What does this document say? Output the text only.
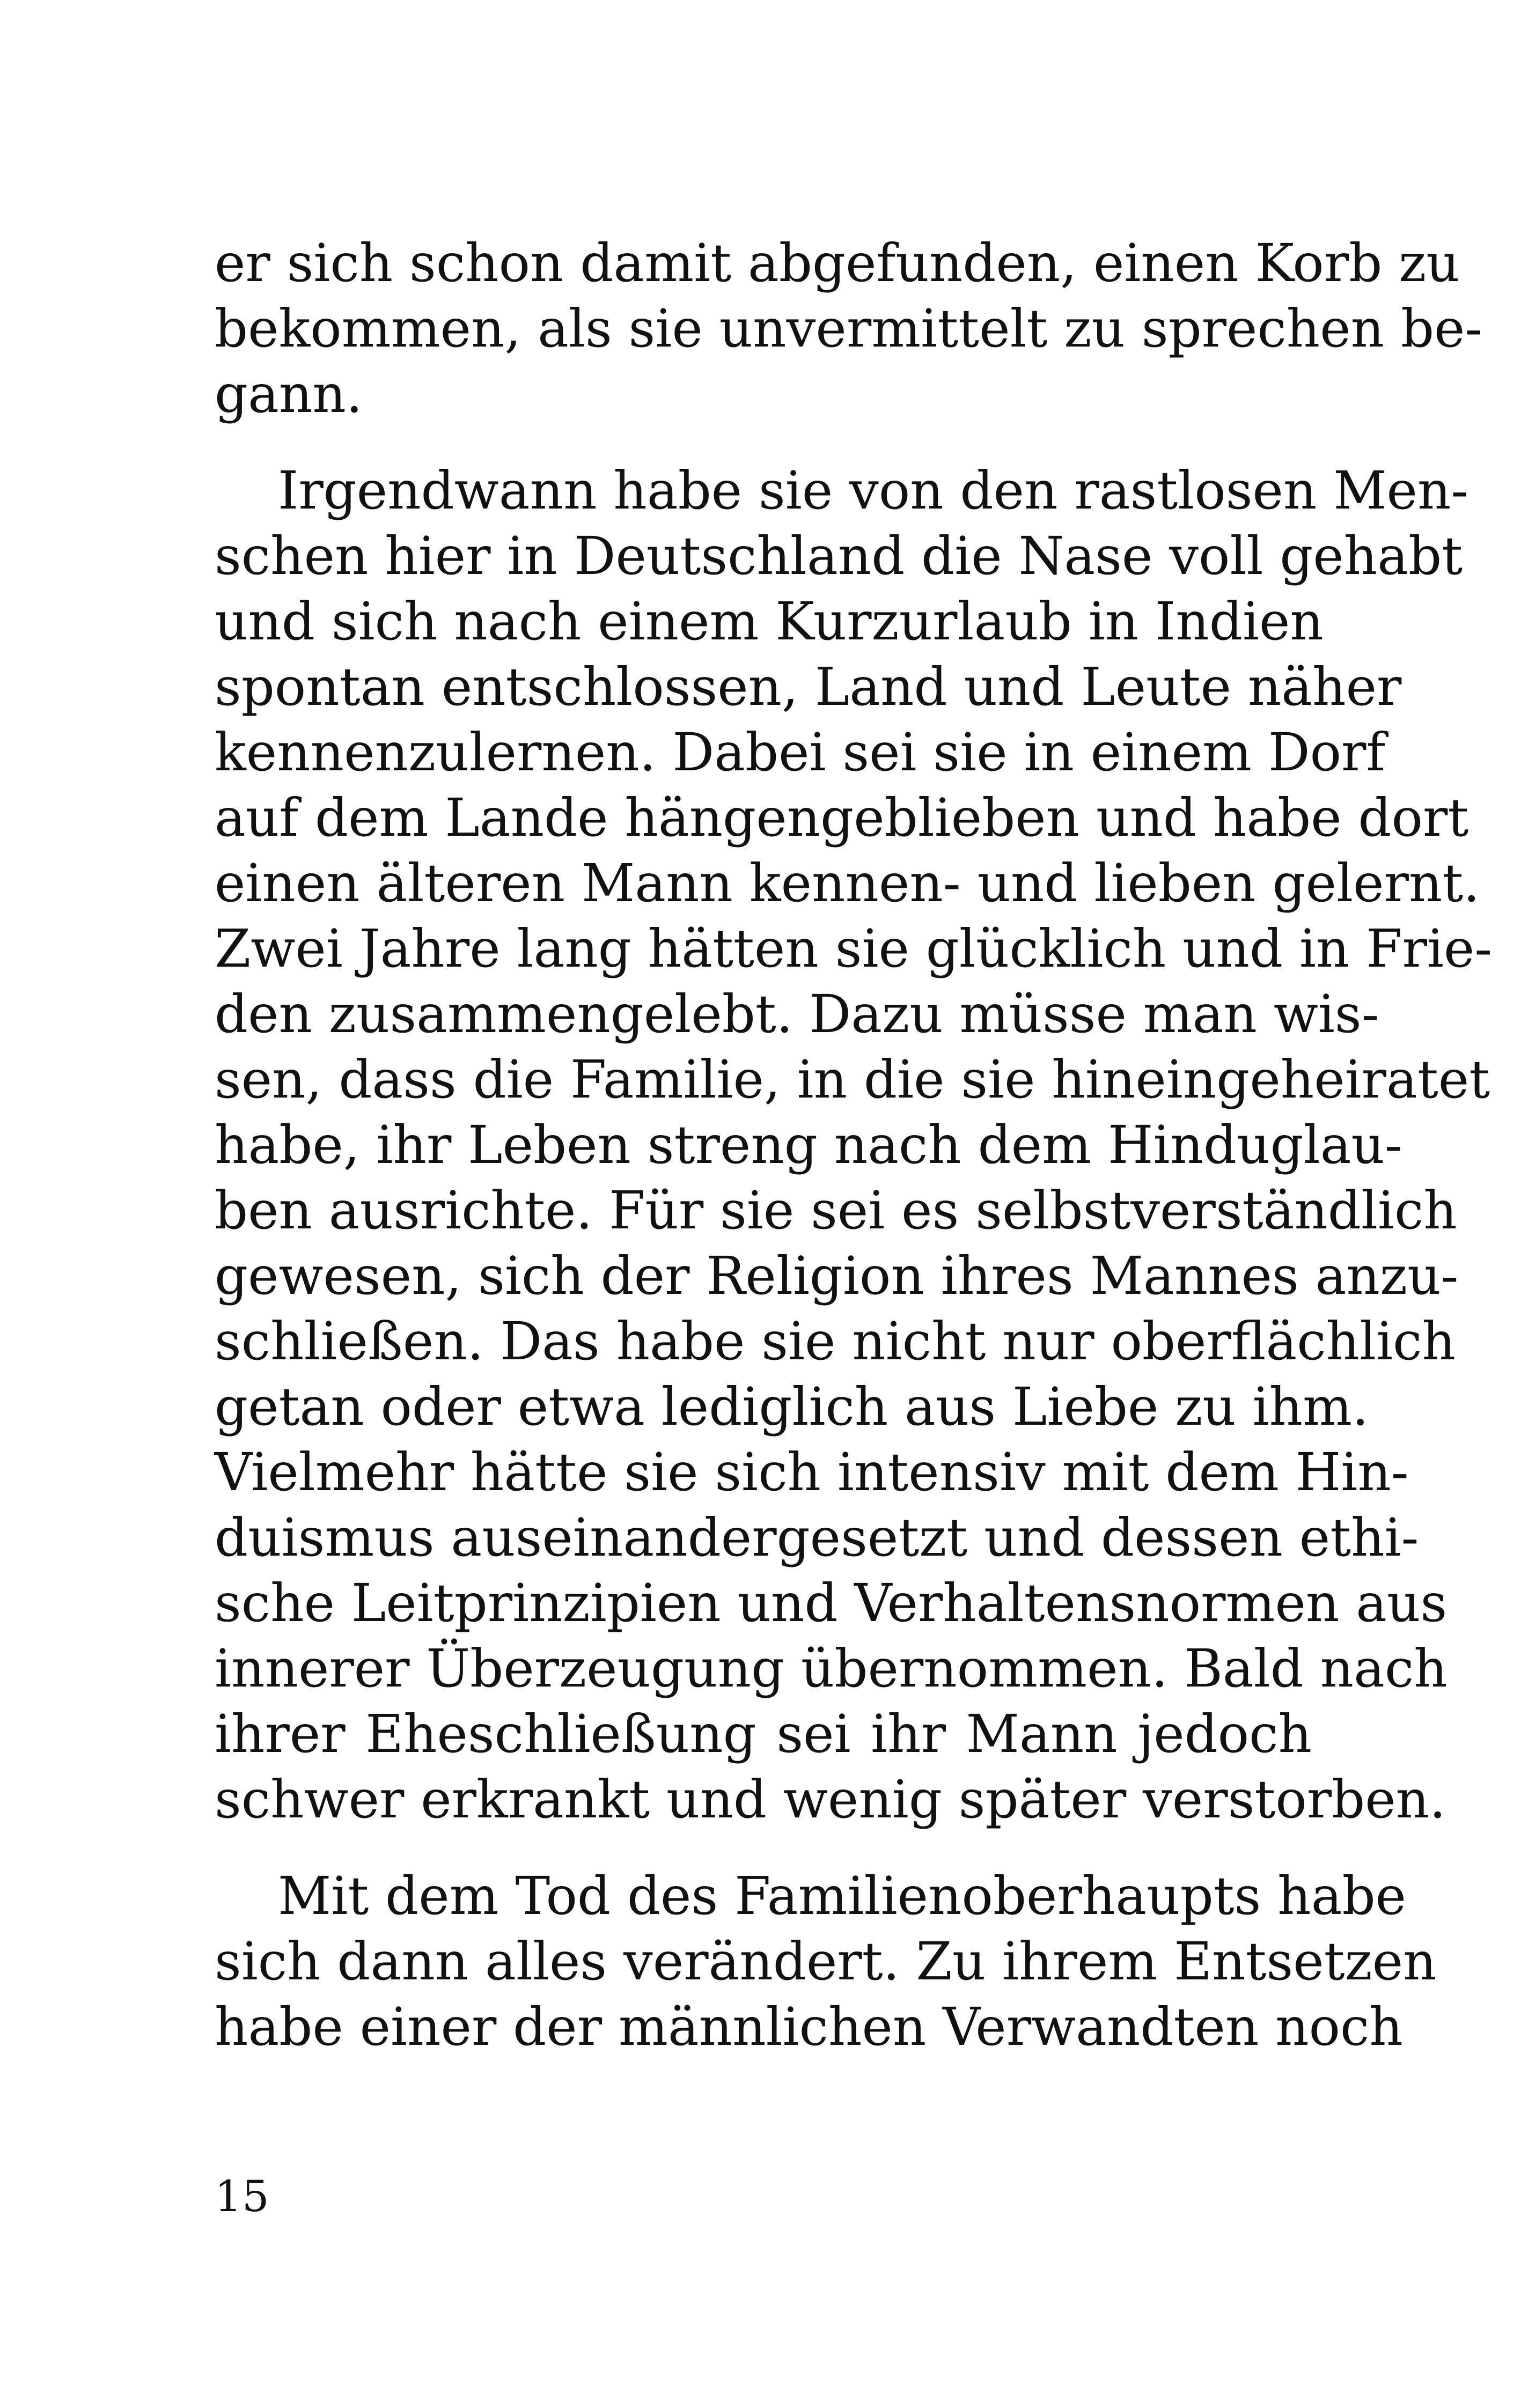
er sich schon damit abgefunden, einen Korb zu
bekommen, als sie unvermittelt zu sprechen be-
gann.
Irgendwann habe sie von den rastlosen Men-
schen hier in Deutschland die Nase voll gehabt
und sich nach einem Kurzurlaub in Indien
spontan entschlossen, Land und Leute näher
kennenzulernen. Dabei sei sie in einem Dorf
auf dem Lande hängengeblieben und habe dort
einen älteren Mann kennen- und lieben gelernt.
Zwei Jahre lang hätten sie glücklich und in Frie-
den zusammengelebt. Dazu müsse man wis-
sen, dass die Familie, in die sie hineingeheiratet
habe, ihr Leben streng nach dem Hinduglau-
ben ausrichte. Für sie sei es selbstverständlich
gewesen, sich der Religion ihres Mannes anzu-
schließen. Das habe sie nicht nur oberflächlich
getan oder etwa lediglich aus Liebe zu ihm.
Vielmehr hätte sie sich intensiv mit dem Hin-
duismus auseinandergesetzt und dessen ethi-
sche Leitprinzipien und Verhaltensnormen aus
innerer Überzeugung übernommen. Bald nach
ihrer Eheschließung sei ihr Mann jedoch
schwer erkrankt und wenig später verstorben.
Mit dem Tod des Familienoberhaupts habe
sich dann alles verändert. Zu ihrem Entsetzen
habe einer der männlichen Verwandten noch
15
